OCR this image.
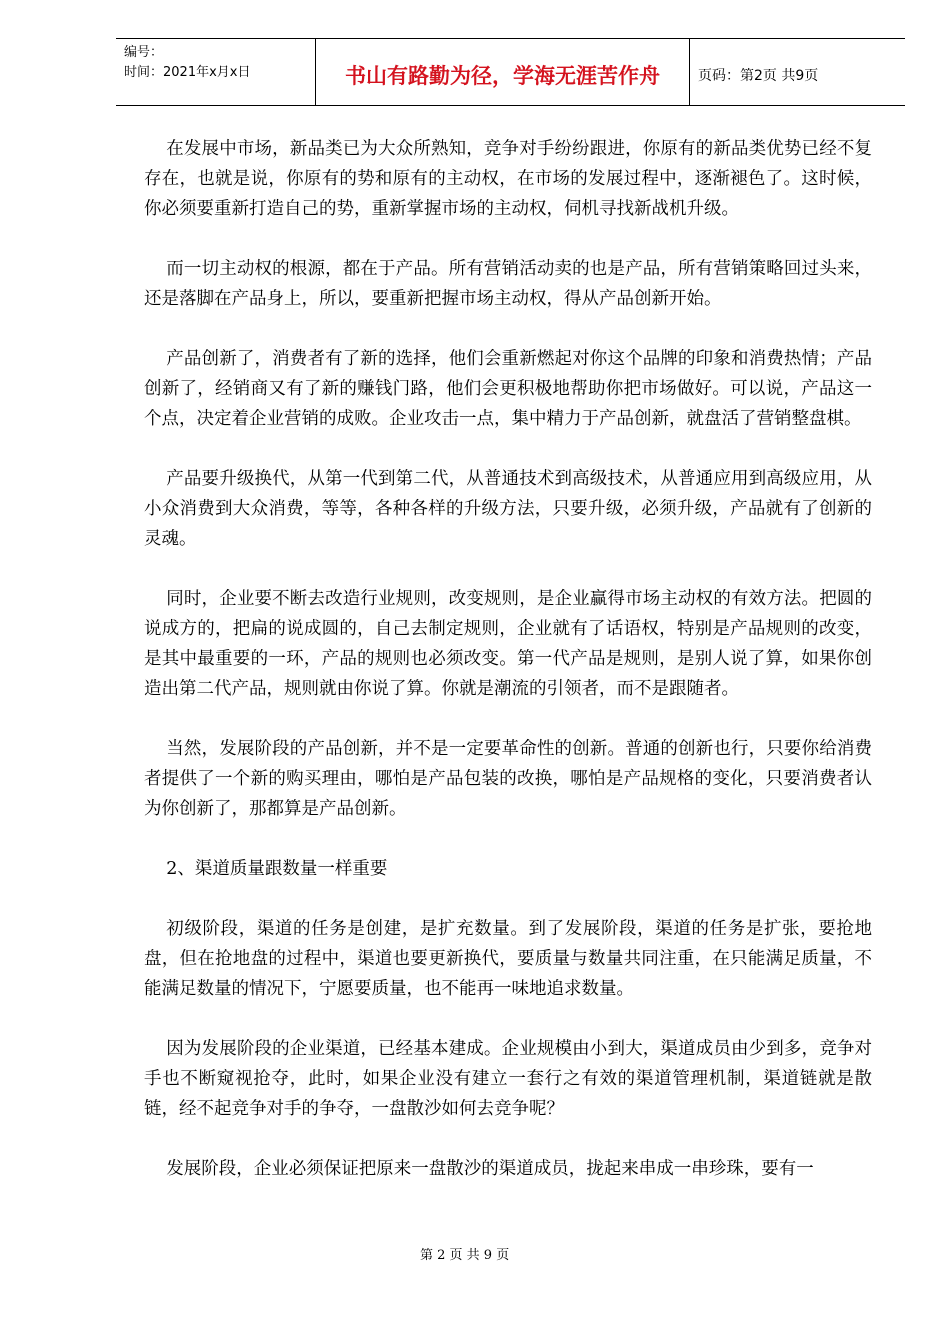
编号：
时间：2021年x月x日	书山有路勤为径，学海无涯苦作舟	页码：第2页 共9页

在发展中市场，新品类已为大众所熟知，竞争对手纷纷跟进，你原有的新品类优势已经不复存在，也就是说，你原有的势和原有的主动权，在市场的发展过程中，逐渐褪色了。这时候，你必须要重新打造自己的势，重新掌握市场的主动权，伺机寻找新战机升级。

而一切主动权的根源，都在于产品。所有营销活动卖的也是产品，所有营销策略回过头来，还是落脚在产品身上，所以，要重新把握市场主动权，得从产品创新开始。

产品创新了，消费者有了新的选择，他们会重新燃起对你这个品牌的印象和消费热情；产品创新了，经销商又有了新的赚钱门路，他们会更积极地帮助你把市场做好。可以说，产品这一个点，决定着企业营销的成败。企业攻击一点，集中精力于产品创新，就盘活了营销整盘棋。

产品要升级换代，从第一代到第二代，从普通技术到高级技术，从普通应用到高级应用，从小众消费到大众消费，等等，各种各样的升级方法，只要升级，必须升级，产品就有了创新的灵魂。

同时，企业要不断去改造行业规则，改变规则，是企业赢得市场主动权的有效方法。把圆的说成方的，把扁的说成圆的，自己去制定规则，企业就有了话语权，特别是产品规则的改变，是其中最重要的一环，产品的规则也必须改变。第一代产品是规则，是别人说了算，如果你创造出第二代产品，规则就由你说了算。你就是潮流的引领者，而不是跟随者。

当然，发展阶段的产品创新，并不是一定要革命性的创新。普通的创新也行，只要你给消费者提供了一个新的购买理由，哪怕是产品包装的改换，哪怕是产品规格的变化，只要消费者认为你创新了，那都算是产品创新。

2、渠道质量跟数量一样重要

初级阶段，渠道的任务是创建，是扩充数量。到了发展阶段，渠道的任务是扩张，要抢地盘，但在抢地盘的过程中，渠道也要更新换代，要质量与数量共同注重，在只能满足质量，不能满足数量的情况下，宁愿要质量，也不能再一味地追求数量。

因为发展阶段的企业渠道，已经基本建成。企业规模由小到大，渠道成员由少到多，竞争对手也不断窥视抢夺，此时，如果企业没有建立一套行之有效的渠道管理机制，渠道链就是散链，经不起竞争对手的争夺，一盘散沙如何去竞争呢？

发展阶段，企业必须保证把原来一盘散沙的渠道成员，拢起来串成一串珍珠，要有一

第 2 页 共 9 页
